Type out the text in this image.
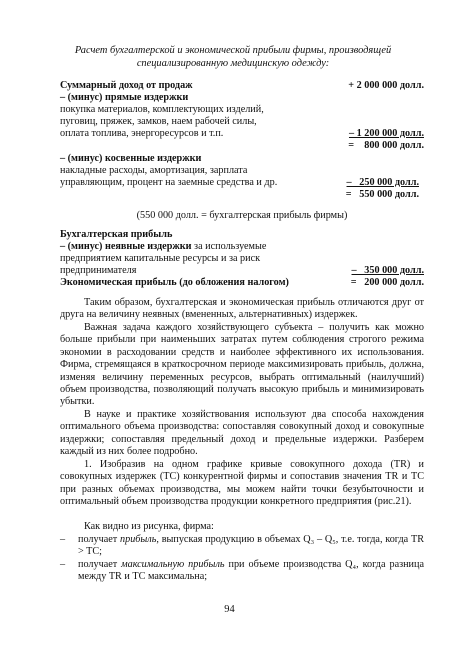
Расчет бухгалтерской и экономической прибыли фирмы, производящей специализированную медицинскую одежду:
Суммарный доход от продаж	+ 2 000 000 долл.
– (минус) прямые издержки
покупка материалов, комплектующих изделий,
пуговиц, пряжек, замков, наем рабочей силы,
оплата топлива, энергоресурсов и т.п.	– 1 200 000 долл.
=    800 000 долл.
– (минус) косвенные издержки
накладные расходы, амортизация, зарплата
управляющим, процент на заемные средства и др.	–   250 000 долл.
=   550 000 долл.
(550 000 долл. = бухгалтерская прибыль фирмы)
Бухгалтерская прибыль
– (минус) неявные издержки за используемые
предприятием капитальные ресурсы и за риск
предпринимателя	–   350 000 долл.
Экономическая прибыль (до обложения налогом)	=   200 000 долл.
Таким образом, бухгалтерская и экономическая прибыль отличаются друг от друга на величину неявных (вмененных, альтернативных) издержек.
Важная задача каждого хозяйствующего субъекта – получить как можно больше прибыли при наименьших затратах путем соблюдения строгого режима экономии в расходовании средств и наиболее эффективного их использования. Фирма, стремящаяся в краткосрочном периоде максимизировать прибыль, должна, изменяя величину переменных ресурсов, выбрать оптимальный (наилучший) объем производства, позволяющий получать высокую прибыль и минимизировать убытки.
В науке и практике хозяйствования используют два способа нахождения оптимального объема производства: сопоставляя совокупный доход и совокупные издержки; сопоставляя предельный доход и предельные издержки. Разберем каждый из них более подробно.
1. Изобразив на одном графике кривые совокупного дохода (TR) и совокупных издержек (TC) конкурентной фирмы и сопоставив значения TR и TC при разных объемах производства, мы можем найти точки безубыточности и оптимальный объем производства продукции конкретного предприятия (рис.21).
Как видно из рисунка, фирма:
–	получает прибыль, выпуская продукцию в объемах Q₃ – Q₅, т.е. тогда, когда TR > TC;
–	получает максимальную прибыль при объеме производства Q₄, когда разница между TR и TC максимальна;
94
